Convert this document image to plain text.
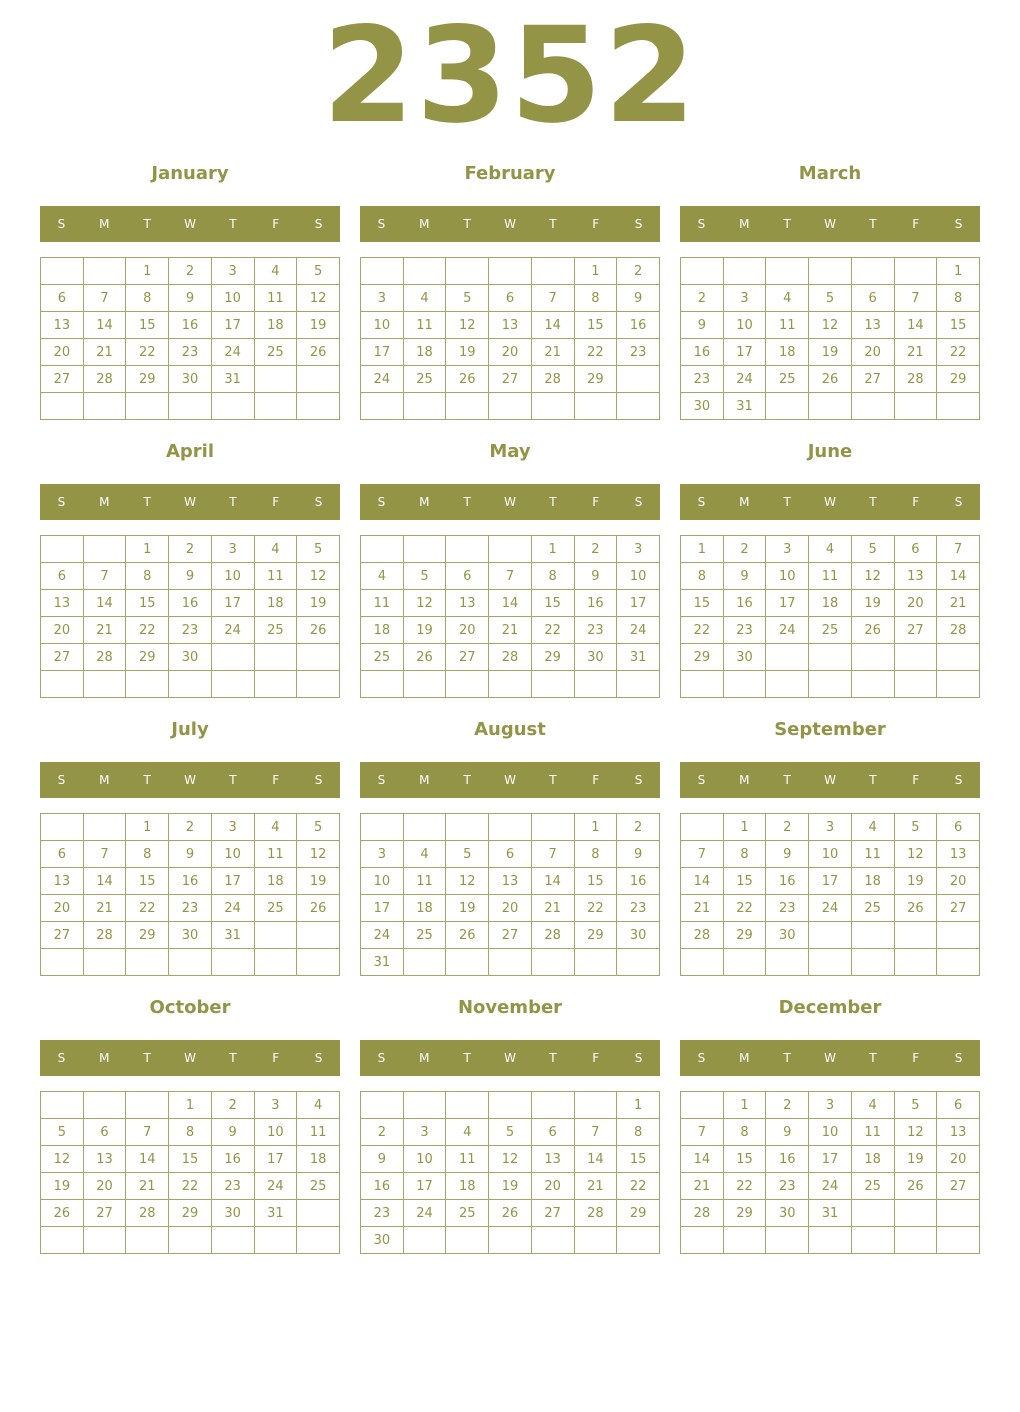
2352
January
S	M	T	W	T	F	S
		1	2	3	4	5
6	7	8	9	10	11	12
13	14	15	16	17	18	19
20	21	22	23	24	25	26
27	28	29	30	31		

February
S	M	T	W	T	F	S
					1	2
3	4	5	6	7	8	9
10	11	12	13	14	15	16
17	18	19	20	21	22	23
24	25	26	27	28	29	

March
S	M	T	W	T	F	S
						1
2	3	4	5	6	7	8
9	10	11	12	13	14	15
16	17	18	19	20	21	22
23	24	25	26	27	28	29
30	31					
April
S	M	T	W	T	F	S
		1	2	3	4	5
6	7	8	9	10	11	12
13	14	15	16	17	18	19
20	21	22	23	24	25	26
27	28	29	30			

May
S	M	T	W	T	F	S
				1	2	3
4	5	6	7	8	9	10
11	12	13	14	15	16	17
18	19	20	21	22	23	24
25	26	27	28	29	30	31

June
S	M	T	W	T	F	S
1	2	3	4	5	6	7
8	9	10	11	12	13	14
15	16	17	18	19	20	21
22	23	24	25	26	27	28
29	30					

July
S	M	T	W	T	F	S
		1	2	3	4	5
6	7	8	9	10	11	12
13	14	15	16	17	18	19
20	21	22	23	24	25	26
27	28	29	30	31		

August
S	M	T	W	T	F	S
					1	2
3	4	5	6	7	8	9
10	11	12	13	14	15	16
17	18	19	20	21	22	23
24	25	26	27	28	29	30
31						
September
S	M	T	W	T	F	S
	1	2	3	4	5	6
7	8	9	10	11	12	13
14	15	16	17	18	19	20
21	22	23	24	25	26	27
28	29	30				

October
S	M	T	W	T	F	S
			1	2	3	4
5	6	7	8	9	10	11
12	13	14	15	16	17	18
19	20	21	22	23	24	25
26	27	28	29	30	31	

November
S	M	T	W	T	F	S
						1
2	3	4	5	6	7	8
9	10	11	12	13	14	15
16	17	18	19	20	21	22
23	24	25	26	27	28	29
30						
December
S	M	T	W	T	F	S
	1	2	3	4	5	6
7	8	9	10	11	12	13
14	15	16	17	18	19	20
21	22	23	24	25	26	27
28	29	30	31			
